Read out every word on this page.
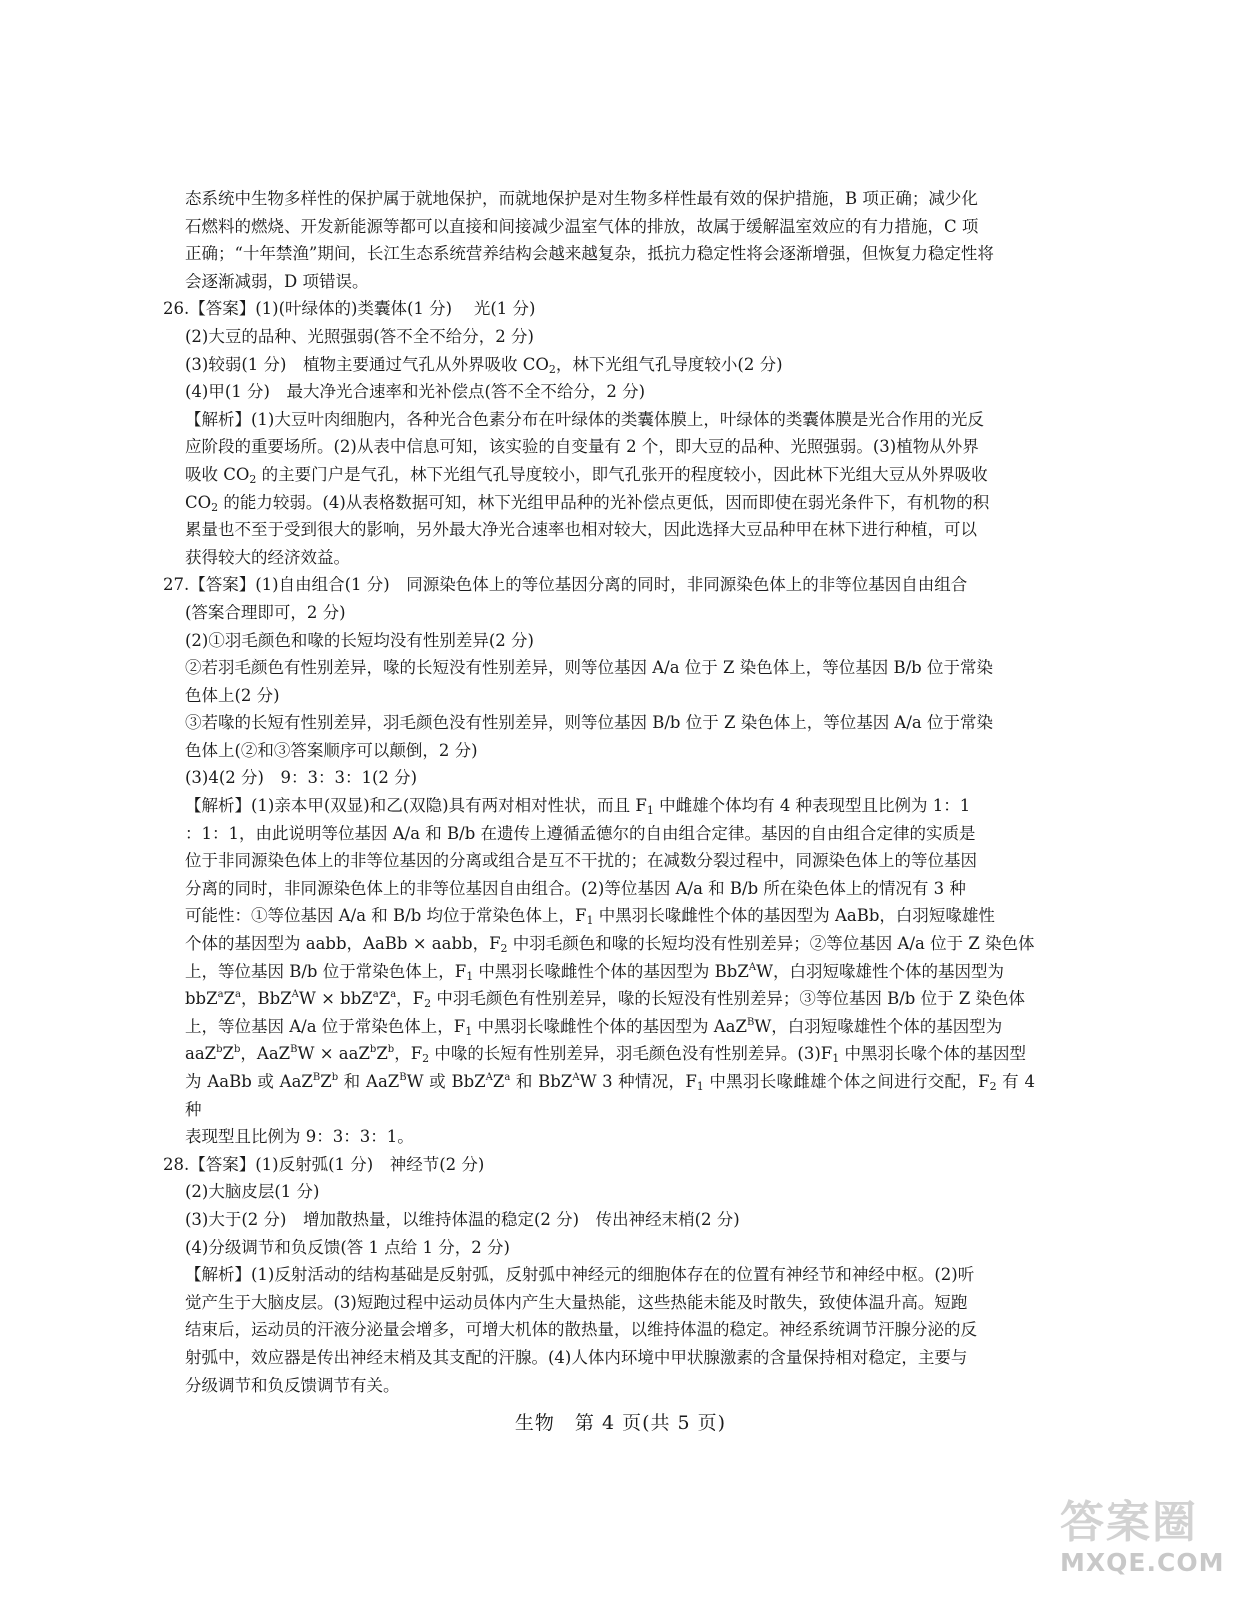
态系统中生物多样性的保护属于就地保护，而就地保护是对生物多样性最有效的保护措施，B 项正确；减少化

石燃料的燃烧、开发新能源等都可以直接和间接减少温室气体的排放，故属于缓解温室效应的有力措施，C 项

正确；“十年禁渔”期间，长江生态系统营养结构会越来越复杂，抵抗力稳定性将会逐渐增强，但恢复力稳定性将

会逐渐减弱，D 项错误。

26.【答案】(1)(叶绿体的)类囊体(1 分)　 光(1 分)

(2)大豆的品种、光照强弱(答不全不给分，2 分)

(3)较弱(1 分)　植物主要通过气孔从外界吸收 $CO_2$，林下光组气孔导度较小(2 分)

(4)甲(1 分)　最大净光合速率和光补偿点(答不全不给分，2 分)

【解析】(1)大豆叶肉细胞内，各种光合色素分布在叶绿体的类囊体膜上，叶绿体的类囊体膜是光合作用的光反

应阶段的重要场所。(2)从表中信息可知，该实验的自变量有 2 个，即大豆的品种、光照强弱。(3)植物从外界

吸收 $CO_2$ 的主要门户是气孔，林下光组气孔导度较小，即气孔张开的程度较小，因此林下光组大豆从外界吸收

$CO_2$ 的能力较弱。(4)从表格数据可知，林下光组甲品种的光补偿点更低，因而即使在弱光条件下，有机物的积

累量也不至于受到很大的影响，另外最大净光合速率也相对较大，因此选择大豆品种甲在林下进行种植，可以

获得较大的经济效益。

27.【答案】(1)自由组合(1 分)　同源染色体上的等位基因分离的同时，非同源染色体上的非等位基因自由组合

(答案合理即可，2 分)

(2)①羽毛颜色和喙的长短均没有性别差异(2 分)

②若羽毛颜色有性别差异，喙的长短没有性别差异，则等位基因 A/a 位于 Z 染色体上，等位基因 B/b 位于常染

色体上(2 分)

③若喙的长短有性别差异，羽毛颜色没有性别差异，则等位基因 B/b 位于 Z 染色体上，等位基因 A/a 位于常染

色体上(②和③答案顺序可以颠倒，2 分)

(3)4(2 分)　9：3：3：1(2 分)

【解析】(1)亲本甲(双显)和乙(双隐)具有两对相对性状，而且 $F_1$ 中雌雄个体均有 4 种表现型且比例为 1：1

：1：1，由此说明等位基因 A/a 和 B/b 在遗传上遵循孟德尔的自由组合定律。基因的自由组合定律的实质是

位于非同源染色体上的非等位基因的分离或组合是互不干扰的；在减数分裂过程中，同源染色体上的等位基因

分离的同时，非同源染色体上的非等位基因自由组合。(2)等位基因 A/a 和 B/b 所在染色体上的情况有 3 种

可能性：①等位基因 A/a 和 B/b 均位于常染色体上，$F_1$ 中黑羽长喙雌性个体的基因型为 AaBb，白羽短喙雄性

个体的基因型为 aabb，AaBb × aabb，$F_2$ 中羽毛颜色和喙的长短均没有性别差异；②等位基因 A/a 位于 Z 染色体

上，等位基因 B/b 位于常染色体上，$F_1$ 中黑羽长喙雌性个体的基因型为 BbZ$^A$W，白羽短喙雄性个体的基因型为

$bbZ^aZ^a$，$BbZ^AW \times bbZ^aZ^a$，$F_2$ 中羽毛颜色有性别差异，喙的长短没有性别差异；③等位基因 B/b 位于 Z 染色体

上，等位基因 A/a 位于常染色体上，$F_1$ 中黑羽长喙雌性个体的基因型为 AaZ$^B$W，白羽短喙雄性个体的基因型为

$aaZ^bZ^b$，$AaZ^BW \times aaZ^bZ^b$，$F_2$ 中喙的长短有性别差异，羽毛颜色没有性别差异。$(3)F_1$ 中黑羽长喙个体的基因型

为 AaBb 或 $AaZ^BZ^b$ 和 AaZ$^B$W 或 $BbZ^AZ^a$ 和 BbZ$^A$W 3 种情况，$F_1$ 中黑羽长喙雌雄个体之间进行交配，$F_2$ 有 4 种

表现型且比例为 9：3：3：1。

28.【答案】(1)反射弧(1 分)　神经节(2 分)

(2)大脑皮层(1 分)

(3)大于(2 分)　增加散热量，以维持体温的稳定(2 分)　传出神经末梢(2 分)

(4)分级调节和负反馈(答 1 点给 1 分，2 分)

【解析】(1)反射活动的结构基础是反射弧，反射弧中神经元的细胞体存在的位置有神经节和神经中枢。(2)听

觉产生于大脑皮层。(3)短跑过程中运动员体内产生大量热能，这些热能未能及时散失，致使体温升高。短跑

结束后，运动员的汗液分泌量会增多，可增大机体的散热量，以维持体温的稳定。神经系统调节汗腺分泌的反

射弧中，效应器是传出神经末梢及其支配的汗腺。(4)人体内环境中甲状腺激素的含量保持相对稳定，主要与

分级调节和负反馈调节有关。

生物　第 4 页(共 5 页)
答案圈
MXQE.COM
